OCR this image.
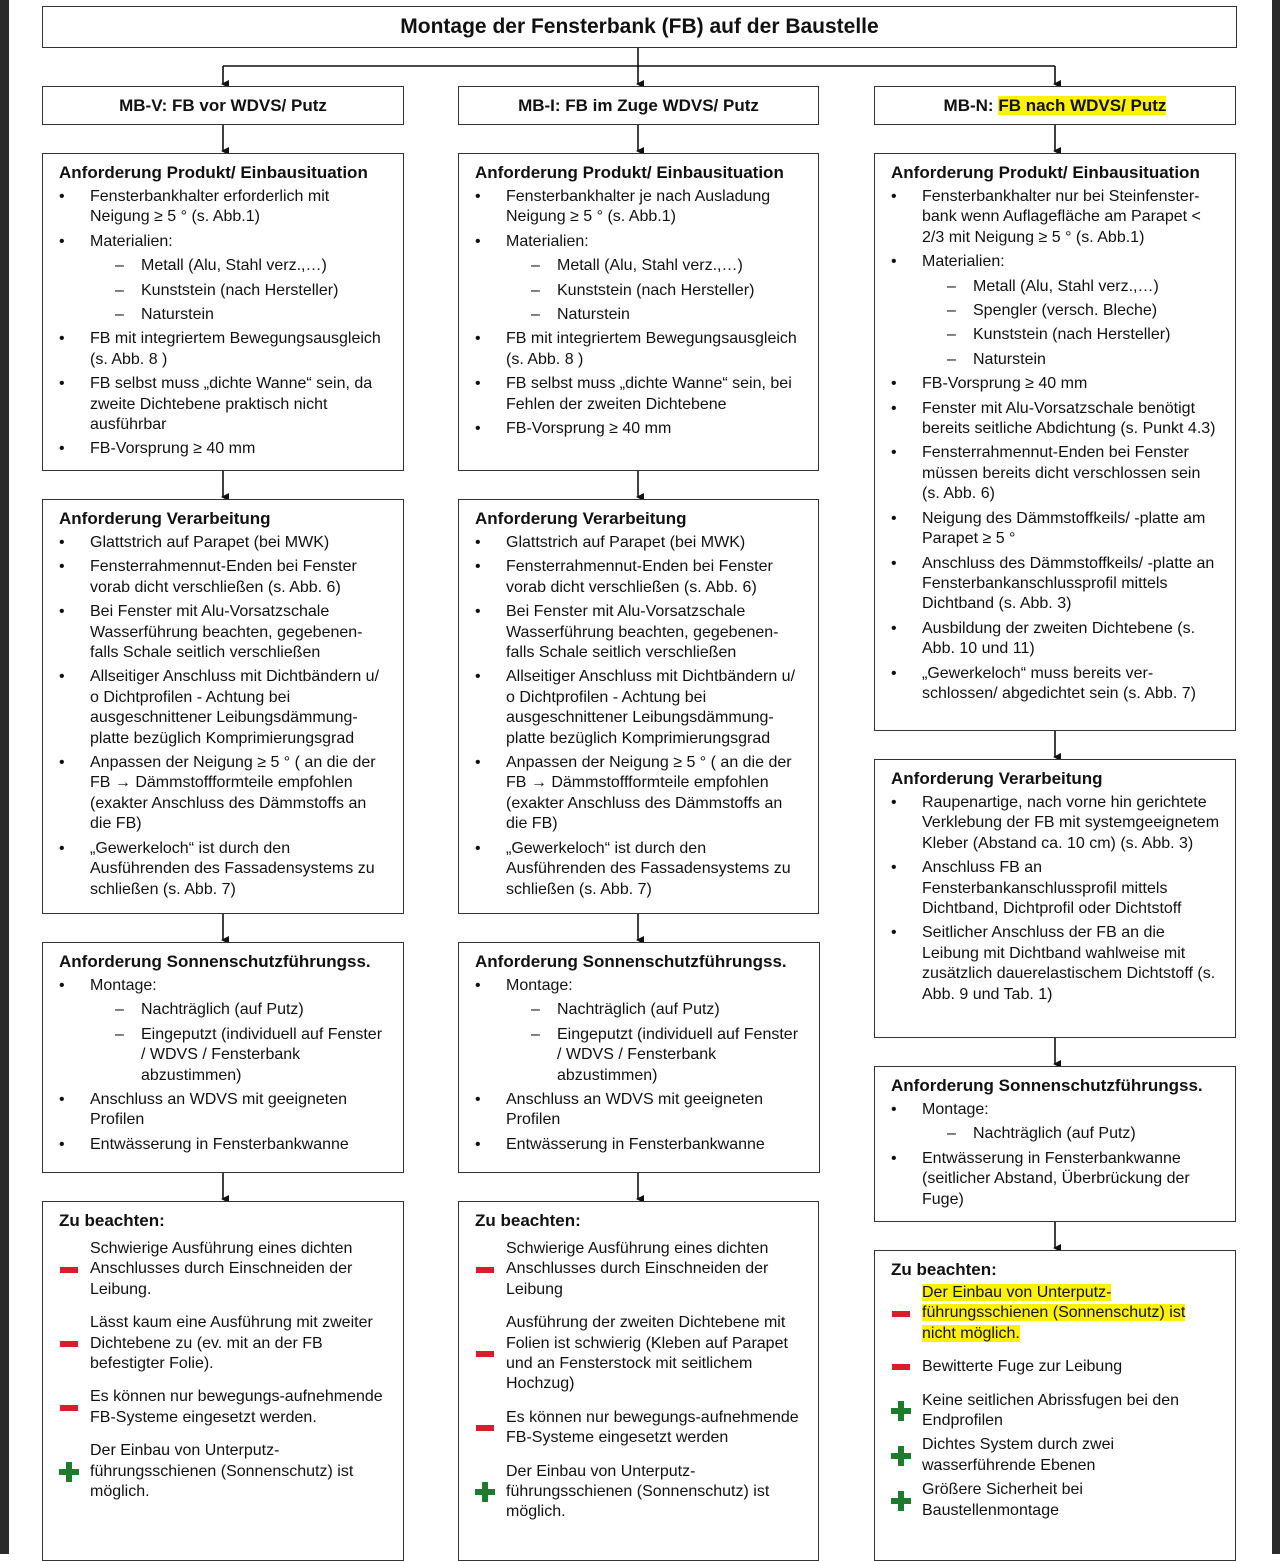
Montage der Fensterbank (FB) auf der Baustelle
MB-V: FB vor WDVS/ Putz	MB-I: FB im Zuge WDVS/ Putz	MB-N: FB nach WDVS/ Putz
Anforderung Produkt/ Einbausituation
• Fensterbankhalter erforderlich mit Neigung ≥ 5 ° (s. Abb.1)
• Materialien:
– Metall (Alu, Stahl verz.,…)
– Kunststein (nach Hersteller)
– Naturstein
• FB mit integriertem Bewegungsausgleich (s. Abb. 8 )
• FB selbst muss „dichte Wanne“ sein, da zweite Dichtebene praktisch nicht ausführbar
• FB-Vorsprung ≥ 40 mm
Anforderung Verarbeitung
• Glattstrich auf Parapet (bei MWK)
• Fensterrahmennut-Enden bei Fenster vorab dicht verschließen (s. Abb. 6)
• Bei Fenster mit Alu-Vorsatzschale Wasserführung beachten, gegebenen-falls Schale seitlich verschließen
• Allseitiger Anschluss mit Dichtbändern u/ o Dichtprofilen - Achtung bei ausgeschnittener Leibungsdämmung-platte bezüglich Komprimierungsgrad
• Anpassen der Neigung ≥ 5 ° ( an die der FB → Dämmstoffformteile empfohlen (exakter Anschluss des Dämmstoffs an die FB)
• „Gewerkeloch“ ist durch den Ausführenden des Fassadensystems zu schließen (s. Abb. 7)
Anforderung Sonnenschutzführungss.
• Montage:
– Nachträglich (auf Putz)
– Eingeputzt (individuell auf Fenster / WDVS / Fensterbank abzustimmen)
• Anschluss an WDVS mit geeigneten Profilen
• Entwässerung in Fensterbankwanne
Zu beachten:
Schwierige Ausführung eines dichten Anschlusses durch Einschneiden der Leibung.
Lässt kaum eine Ausführung mit zweiter Dichtebene zu (ev. mit an der FB befestigter Folie).
Es können nur bewegungs-aufnehmende FB-Systeme eingesetzt werden.
Der Einbau von Unterputz-führungsschienen (Sonnenschutz) ist möglich.
Anforderung Produkt/ Einbausituation
• Fensterbankhalter je nach Ausladung Neigung ≥ 5 ° (s. Abb.1)
• Materialien:
– Metall (Alu, Stahl verz.,…)
– Kunststein (nach Hersteller)
– Naturstein
• FB mit integriertem Bewegungsausgleich (s. Abb. 8 )
• FB selbst muss „dichte Wanne“ sein, bei Fehlen der zweiten Dichtebene
• FB-Vorsprung ≥ 40 mm
Anforderung Verarbeitung
• Glattstrich auf Parapet (bei MWK)
• Fensterrahmennut-Enden bei Fenster vorab dicht verschließen (s. Abb. 6)
• Bei Fenster mit Alu-Vorsatzschale Wasserführung beachten, gegebenen-falls Schale seitlich verschließen
• Allseitiger Anschluss mit Dichtbändern u/ o Dichtprofilen - Achtung bei ausgeschnittener Leibungsdämmung-platte bezüglich Komprimierungsgrad
• Anpassen der Neigung ≥ 5 ° ( an die der FB → Dämmstoffformteile empfohlen (exakter Anschluss des Dämmstoffs an die FB)
• „Gewerkeloch“ ist durch den Ausführenden des Fassadensystems zu schließen (s. Abb. 7)
Anforderung Sonnenschutzführungss.
• Montage:
– Nachträglich (auf Putz)
– Eingeputzt (individuell auf Fenster / WDVS / Fensterbank abzustimmen)
• Anschluss an WDVS mit geeigneten Profilen
• Entwässerung in Fensterbankwanne
Zu beachten:
Schwierige Ausführung eines dichten Anschlusses durch Einschneiden der Leibung
Ausführung der zweiten Dichtebene mit Folien ist schwierig (Kleben auf Parapet und an Fensterstock mit seitlichem Hochzug)
Es können nur bewegungs-aufnehmende FB-Systeme eingesetzt werden
Der Einbau von Unterputz-führungsschienen (Sonnenschutz) ist möglich.
Anforderung Produkt/ Einbausituation
• Fensterbankhalter nur bei Steinfenster-bank wenn Auflagefläche am Parapet < 2/3 mit Neigung ≥ 5 ° (s. Abb.1)
• Materialien:
– Metall (Alu, Stahl verz.,…)
– Spengler (versch. Bleche)
– Kunststein (nach Hersteller)
– Naturstein
• FB-Vorsprung ≥ 40 mm
• Fenster mit Alu-Vorsatzschale benötigt bereits seitliche Abdichtung (s. Punkt 4.3)
• Fensterrahmennut-Enden bei Fenster müssen bereits dicht verschlossen sein (s. Abb. 6)
• Neigung des Dämmstoffkeils/ -platte am Parapet ≥ 5 °
• Anschluss des Dämmstoffkeils/ -platte an Fensterbankanschlussprofil mittels Dichtband (s. Abb. 3)
• Ausbildung der zweiten Dichtebene (s. Abb. 10 und 11)
• „Gewerkeloch“ muss bereits ver-schlossen/ abgedichtet sein (s. Abb. 7)
Anforderung Verarbeitung
• Raupenartige, nach vorne hin gerichtete Verklebung der FB mit systemgeeignetem Kleber (Abstand ca. 10 cm) (s. Abb. 3)
• Anschluss FB an Fensterbankanschlussprofil mittels Dichtband, Dichtprofil oder Dichtstoff
• Seitlicher Anschluss der FB an die Leibung mit Dichtband wahlweise mit zusätzlich dauerelastischem Dichtstoff (s. Abb. 9 und Tab. 1)
Anforderung Sonnenschutzführungss.
• Montage:
– Nachträglich (auf Putz)
• Entwässerung in Fensterbankwanne (seitlicher Abstand, Überbrückung der Fuge)
Zu beachten:
Der Einbau von Unterputz-führungsschienen (Sonnenschutz) ist nicht möglich.
Bewitterte Fuge zur Leibung
Keine seitlichen Abrissfugen bei den Endprofilen
Dichtes System durch zwei wasserführende Ebenen
Größere Sicherheit bei Baustellenmontage
